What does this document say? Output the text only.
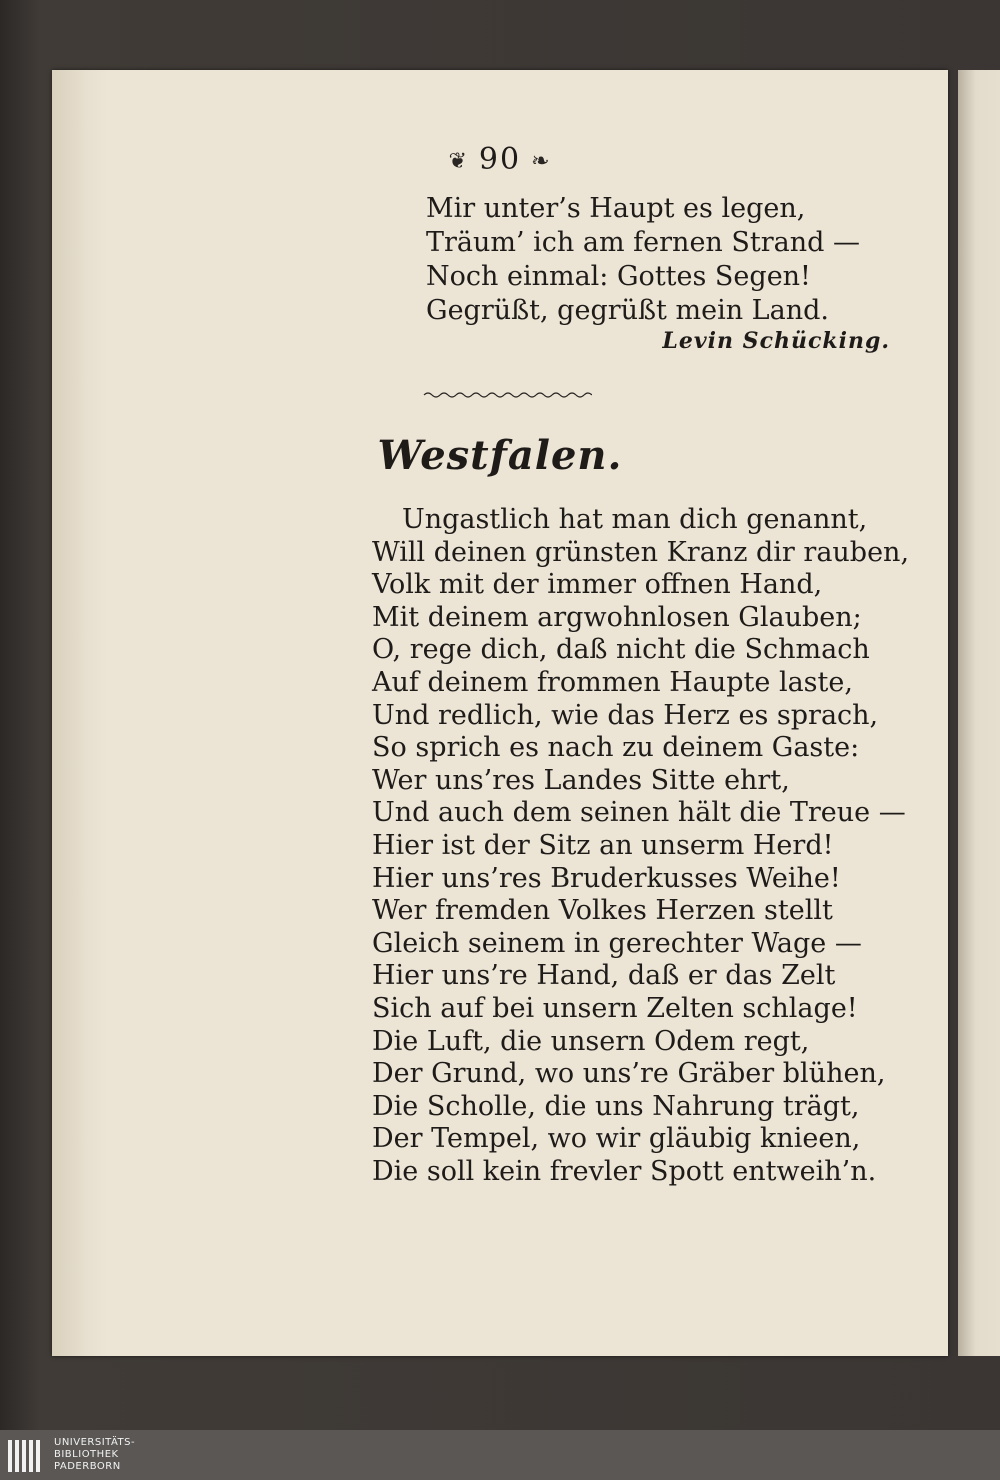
❦ 90 ❧
Mir unter’s Haupt es legen,
Träum’ ich am fernen Strand —
Noch einmal: Gottes Segen!
Gegrüßt, gegrüßt mein Land.
Levin Schücking.
Westfalen.
Ungastlich hat man dich genannt,
Will deinen grünsten Kranz dir rauben,
Volk mit der immer offnen Hand,
Mit deinem argwohnlosen Glauben;
O, rege dich, daß nicht die Schmach
Auf deinem frommen Haupte laste,
Und redlich, wie das Herz es sprach,
So sprich es nach zu deinem Gaste:
Wer uns’res Landes Sitte ehrt,
Und auch dem seinen hält die Treue —
Hier ist der Sitz an unserm Herd!
Hier uns’res Bruderkusses Weihe!
Wer fremden Volkes Herzen stellt
Gleich seinem in gerechter Wage —
Hier uns’re Hand, daß er das Zelt
Sich auf bei unsern Zelten schlage!
Die Luft, die unsern Odem regt,
Der Grund, wo uns’re Gräber blühen,
Die Scholle, die uns Nahrung trägt,
Der Tempel, wo wir gläubig knieen,
Die soll kein frevler Spott entweih’n.
UNIVERSITÄTS-
BIBLIOTHEK
PADERBORN
